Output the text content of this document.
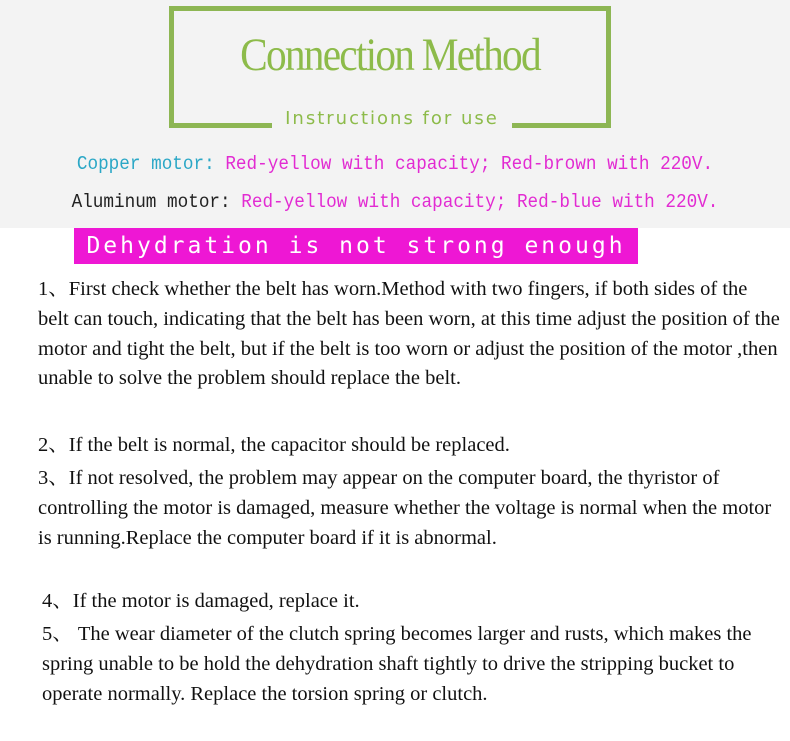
Connection Method
Instructions for use
Copper motor: Red-yellow with capacity; Red-brown with 220V.
Aluminum motor: Red-yellow with capacity; Red-blue with 220V.
Dehydration is not strong enough
1、First check whether the belt has worn.Method with two fingers, if both sides of the belt can touch, indicating that the belt has been worn, at this time adjust the position of the motor and tight the belt, but if the belt is too worn or adjust the position of the motor ,then unable to solve the problem should replace the belt.
2、If the belt is normal, the capacitor should be replaced.
3、If not resolved, the problem may appear on the computer board, the thyristor of controlling the motor is damaged, measure whether the voltage is normal when the motor is running.Replace the computer board if it is abnormal.
4、If the motor is damaged, replace it.
5、 The wear diameter of the clutch spring becomes larger and rusts, which makes the spring unable to be hold the dehydration shaft tightly to drive the stripping bucket to operate normally. Replace the torsion spring or clutch.
